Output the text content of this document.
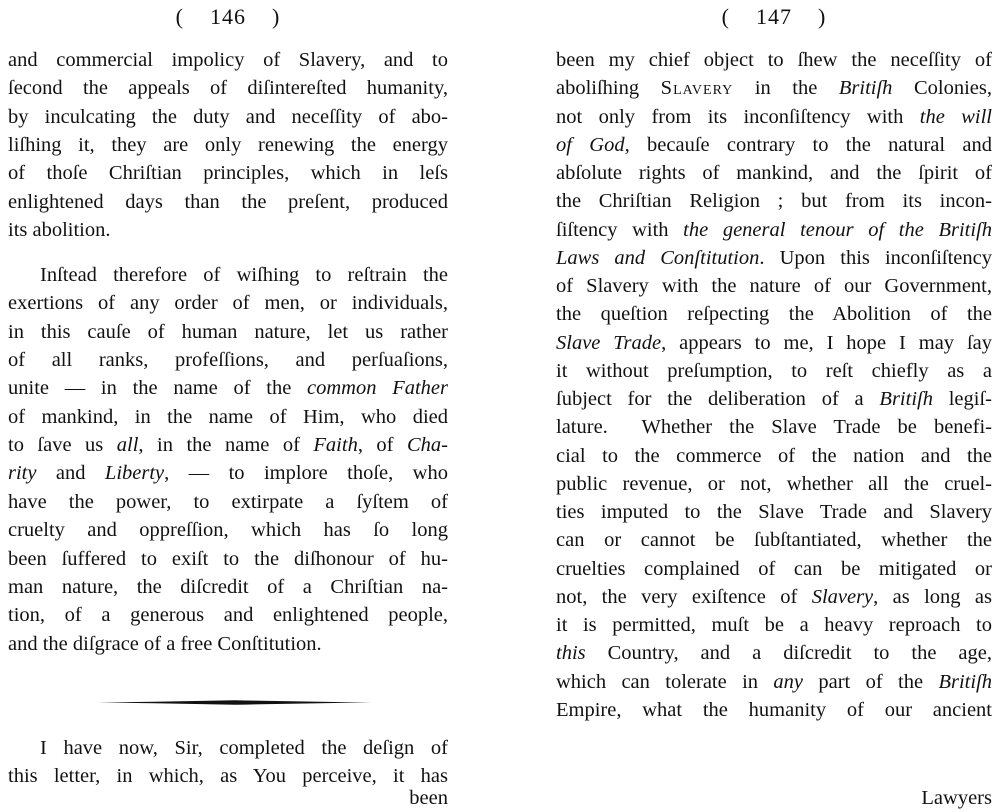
( 146 )
and commercial impolicy of Slavery, and to
ſecond the appeals of diſintereſted humanity,
by inculcating the duty and neceſſity of abo-
liſhing it, they are only renewing the energy
of thoſe Chriſtian principles, which in leſs
enlightened days than the preſent, produced
its abolition.
Inſtead therefore of wiſhing to reſtrain the
exertions of any order of men, or individuals,
in this cauſe of human nature, let us rather
of all ranks, profeſſions, and perſuaſions,
unite — in the name of the common Father
of mankind, in the name of Him, who died
to ſave us all, in the name of Faith, of Cha-
rity and Liberty, — to implore thoſe, who
have the power, to extirpate a ſyſtem of
cruelty and oppreſſion, which has ſo long
been ſuffered to exiſt to the diſhonour of hu-
man nature, the diſcredit of a Chriſtian na-
tion, of a generous and enlightened people,
and the diſgrace of a free Conſtitution.
I have now, Sir, completed the deſign of
this letter, in which, as You perceive, it has
been
( 147 )
been my chief object to ſhew the neceſſity of
aboliſhing Slavery in the Britiſh Colonies,
not only from its inconſiſtency with the will
of God, becauſe contrary to the natural and
abſolute rights of mankind, and the ſpirit of
the Chriſtian Religion ; but from its incon-
ſiſtency with the general tenour of the Britiſh
Laws and Conſtitution. Upon this inconſiſtency
of Slavery with the nature of our Government,
the queſtion reſpecting the Abolition of the
Slave Trade, appears to me, I hope I may ſay
it without preſumption, to reſt chiefly as a
ſubject for the deliberation of a Britiſh legiſ-
lature.  Whether the Slave Trade be benefi-
cial to the commerce of the nation and the
public revenue, or not, whether all the cruel-
ties imputed to the Slave Trade and Slavery
can or cannot be ſubſtantiated, whether the
cruelties complained of can be mitigated or
not, the very exiſtence of Slavery, as long as
it is permitted, muſt be a heavy reproach to
this Country, and a diſcredit to the age,
which can tolerate in any part of the Britiſh
Empire, what the humanity of our ancient
Lawyers
